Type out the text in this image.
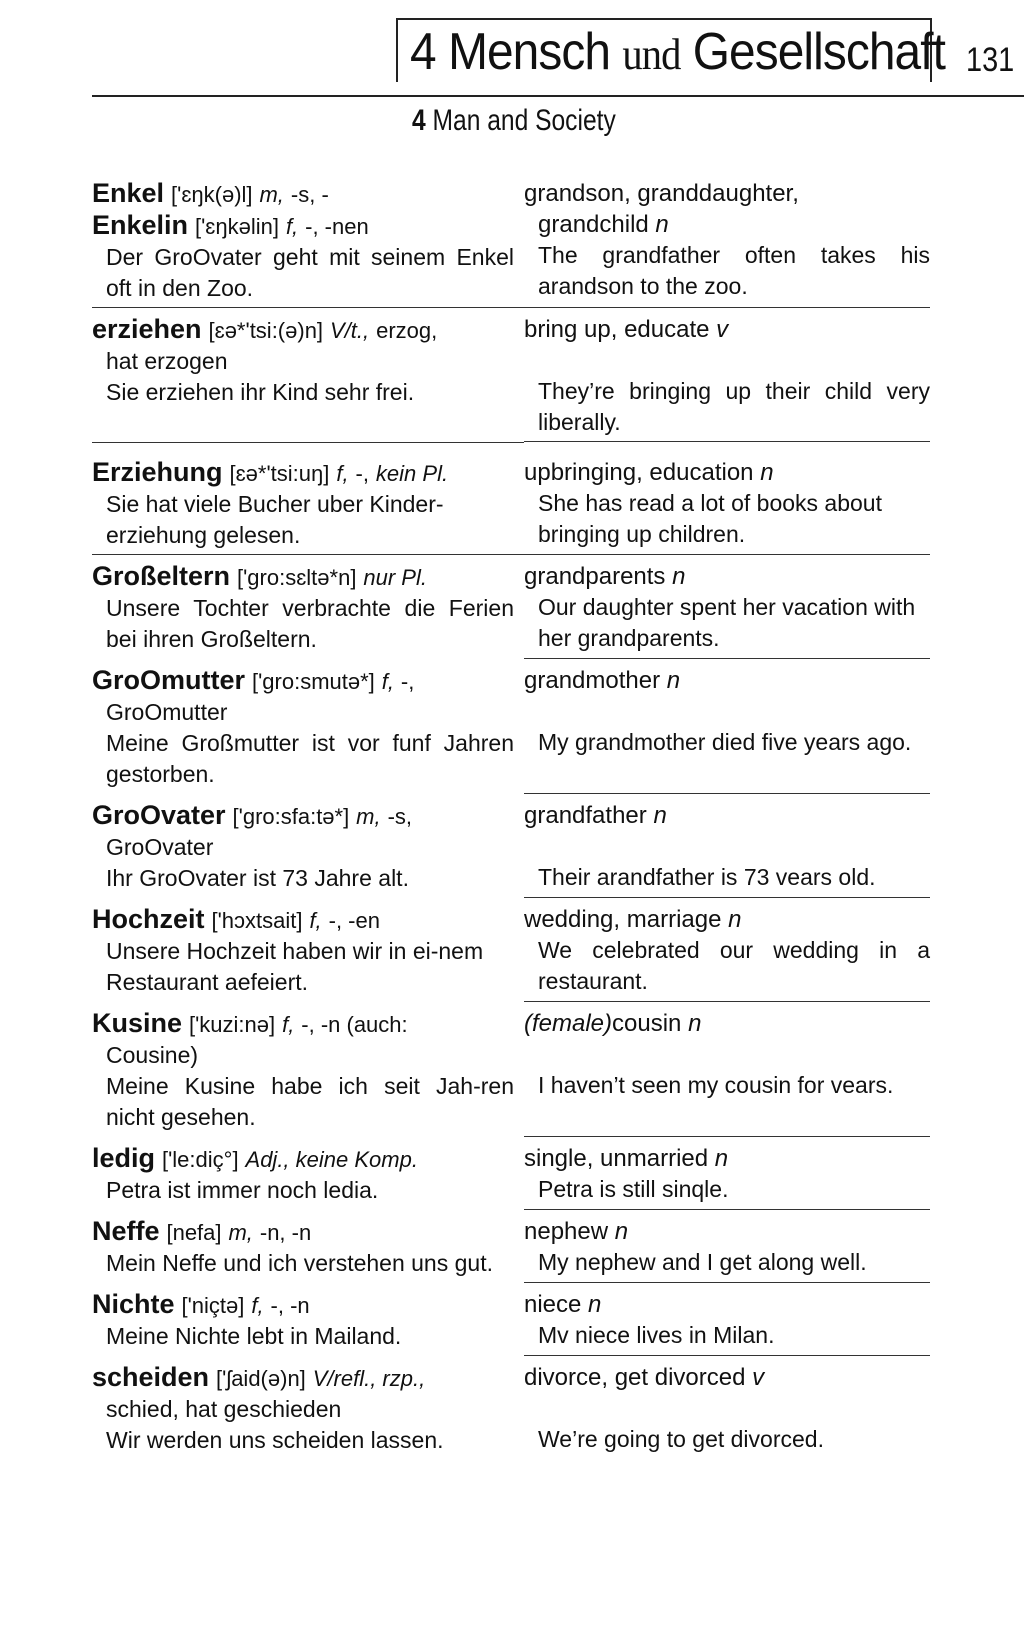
4 Mensch und Gesellschaft 131
4 Man and Society
Enkel ['ɛŋk(ə)l] m, -s, -
Enkelin ['ɛŋkəlin] f, -, -nen
Der GroOvater geht mit seinem Enkel oft in den Zoo.
grandson, granddaughter,
grandchild n
The grandfather often takes his arandson to the zoo.
erziehen [ɛə*'tsi:(ə)n] V/t., erzog,
hat erzogen
Sie erziehen ihr Kind sehr frei.
bring up, educate v
They’re bringing up their child very liberally.
Erziehung [ɛə*'tsi:uŋ] f, -, kein Pl.
Sie hat viele Bucher uber Kinder-erziehung gelesen.
upbringing, education n
She has read a lot of books about bringing up children.
Großeltern ['gro:sɛltə*n] nur Pl.
Unsere Tochter verbrachte die Ferien bei ihren Großeltern.
grandparents n
Our daughter spent her vacation with her grandparents.
GroOmutter ['gro:smutə*] f, -,
GroOmutter
Meine Großmutter ist vor funf Jahren gestorben.
grandmother n
My grandmother died five years ago.
GroOvater ['gro:sfa:tə*] m, -s,
GroOvater
Ihr GroOvater ist 73 Jahre alt.
grandfather n
Their arandfather is 73 vears old.
Hochzeit ['hɔxtsait] f, -, -en
Unsere Hochzeit haben wir in ei-nem Restaurant aefeiert.
wedding, marriage n
We celebrated our wedding in a restaurant.
Kusine ['kuzi:nə] f, -, -n (auch:
Cousine)
Meine Kusine habe ich seit Jah-ren nicht gesehen.
(female)cousin n
I haven’t seen my cousin for vears.
ledig ['le:diç°] Adj., keine Komp.
Petra ist immer noch ledia.
single, unmarried n
Petra is still sinqle.
Neffe [nefa] m, -n, -n
Mein Neffe und ich verstehen uns gut.
nephew n
My nephew and I get along well.
Nichte ['niçtə] f, -, -n
Meine Nichte lebt in Mailand.
niece n
Mv niece lives in Milan.
scheiden ['ʃaid(ə)n] V/refl., rzp.,
schied, hat geschieden
Wir werden uns scheiden lassen.
divorce, get divorced v
We’re going to get divorced.
